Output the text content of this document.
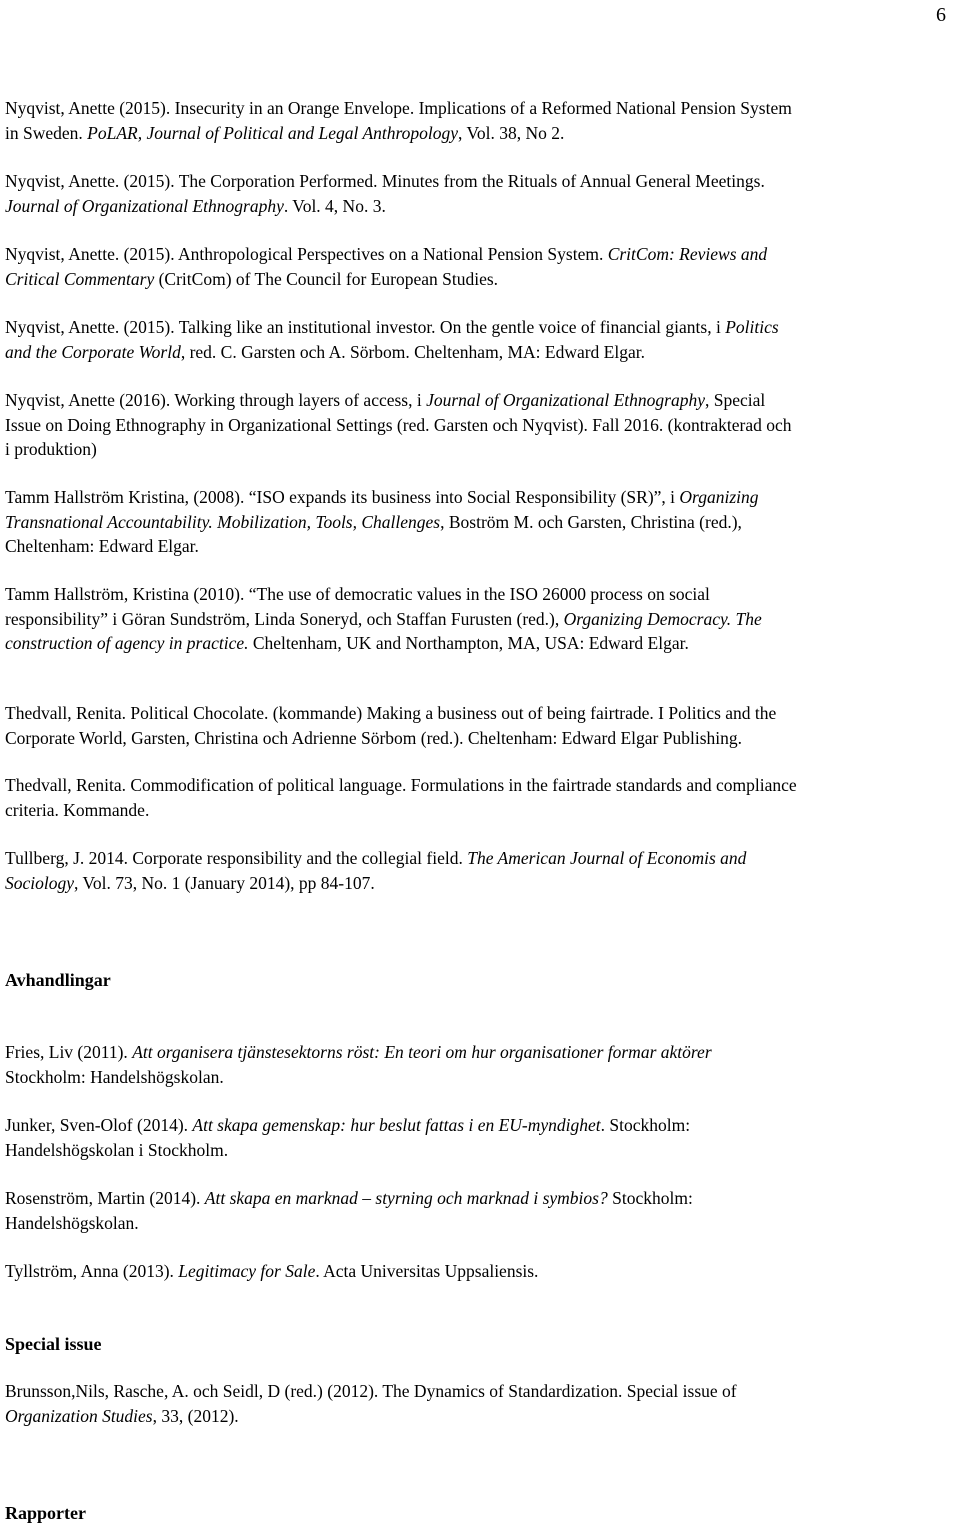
6

Nyqvist, Anette (2015). Insecurity in an Orange Envelope. Implications of a Reformed National Pension System
in Sweden. PoLAR, Journal of Political and Legal Anthropology, Vol. 38, No 2.

Nyqvist, Anette. (2015). The Corporation Performed. Minutes from the Rituals of Annual General Meetings.
Journal of Organizational Ethnography. Vol. 4, No. 3.

Nyqvist, Anette. (2015). Anthropological Perspectives on a National Pension System. CritCom: Reviews and
Critical Commentary (CritCom) of The Council for European Studies.

Nyqvist, Anette. (2015). Talking like an institutional investor. On the gentle voice of financial giants, i Politics
and the Corporate World, red. C. Garsten och A. Sörbom. Cheltenham, MA: Edward Elgar.

Nyqvist, Anette (2016). Working through layers of access, i Journal of Organizational Ethnography, Special
Issue on Doing Ethnography in Organizational Settings (red. Garsten och Nyqvist). Fall 2016. (kontrakterad och
i produktion)

Tamm Hallström Kristina, (2008). “ISO expands its business into Social Responsibility (SR)”, i Organizing
Transnational Accountability. Mobilization, Tools, Challenges, Boström M. och Garsten, Christina (red.),
Cheltenham: Edward Elgar.

Tamm Hallström, Kristina (2010). “The use of democratic values in the ISO 26000 process on social
responsibility” i Göran Sundström, Linda Soneryd, och Staffan Furusten (red.), Organizing Democracy. The
construction of agency in practice. Cheltenham, UK and Northampton, MA, USA: Edward Elgar.

Thedvall, Renita. Political Chocolate. (kommande) Making a business out of being fairtrade. I Politics and the
Corporate World, Garsten, Christina och Adrienne Sörbom (red.). Cheltenham: Edward Elgar Publishing.

Thedvall, Renita. Commodification of political language. Formulations in the fairtrade standards and compliance
criteria. Kommande.

Tullberg, J. 2014. Corporate responsibility and the collegial field. The American Journal of Economis and
Sociology, Vol. 73, No. 1 (January 2014), pp 84-107.

Avhandlingar

Fries, Liv (2011). Att organisera tjänstesektorns röst: En teori om hur organisationer formar aktörer
Stockholm: Handelshögskolan.

Junker, Sven-Olof (2014). Att skapa gemenskap: hur beslut fattas i en EU-myndighet. Stockholm:
Handelshögskolan i Stockholm.

Rosenström, Martin (2014). Att skapa en marknad – styrning och marknad i symbios? Stockholm:
Handelshögskolan.

Tyllström, Anna (2013). Legitimacy for Sale. Acta Universitas Uppsaliensis.

Special issue

Brunsson,Nils, Rasche, A. och Seidl, D (red.) (2012). The Dynamics of Standardization. Special issue of
Organization Studies, 33, (2012).

Rapporter
